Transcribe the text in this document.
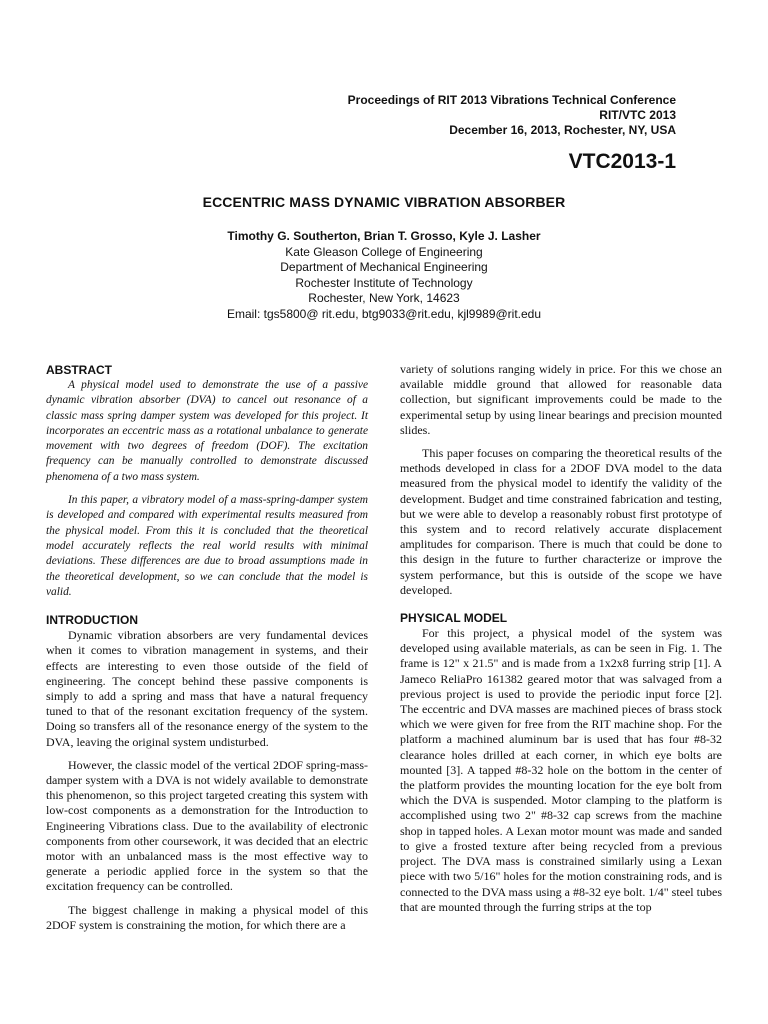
Proceedings of RIT 2013 Vibrations Technical Conference
RIT/VTC 2013
December 16, 2013, Rochester, NY, USA
VTC2013-1
ECCENTRIC MASS DYNAMIC VIBRATION ABSORBER
Timothy G. Southerton, Brian T. Grosso, Kyle J. Lasher
Kate Gleason College of Engineering
Department of Mechanical Engineering
Rochester Institute of Technology
Rochester, New York, 14623
Email: tgs5800@ rit.edu, btg9033@rit.edu, kjl9989@rit.edu
ABSTRACT

A physical model used to demonstrate the use of a passive dynamic vibration absorber (DVA) to cancel out resonance of a classic mass spring damper system was developed for this project. It incorporates an eccentric mass as a rotational unbalance to generate movement with two degrees of freedom (DOF). The excitation frequency can be manually controlled to demonstrate discussed phenomena of a two mass system.

In this paper, a vibratory model of a mass-spring-damper system is developed and compared with experimental results measured from the physical model. From this it is concluded that the theoretical model accurately reflects the real world results with minimal deviations. These differences are due to broad assumptions made in the theoretical development, so we can conclude that the model is valid.

INTRODUCTION

Dynamic vibration absorbers are very fundamental devices when it comes to vibration management in systems, and their effects are interesting to even those outside of the field of engineering. The concept behind these passive components is simply to add a spring and mass that have a natural frequency tuned to that of the resonant excitation frequency of the system. Doing so transfers all of the resonance energy of the system to the DVA, leaving the original system undisturbed.

However, the classic model of the vertical 2DOF spring-mass-damper system with a DVA is not widely available to demonstrate this phenomenon, so this project targeted creating this system with low-cost components as a demonstration for the Introduction to Engineering Vibrations class. Due to the availability of electronic components from other coursework, it was decided that an electric motor with an unbalanced mass is the most effective way to generate a periodic applied force in the system so that the excitation frequency can be controlled.

The biggest challenge in making a physical model of this 2DOF system is constraining the motion, for which there are a

variety of solutions ranging widely in price. For this we chose an available middle ground that allowed for reasonable data collection, but significant improvements could be made to the experimental setup by using linear bearings and precision mounted slides.

This paper focuses on comparing the theoretical results of the methods developed in class for a 2DOF DVA model to the data measured from the physical model to identify the validity of the development. Budget and time constrained fabrication and testing, but we were able to develop a reasonably robust first prototype of this system and to record relatively accurate displacement amplitudes for comparison. There is much that could be done to this design in the future to further characterize or improve the system performance, but this is outside of the scope we have developed.

PHYSICAL MODEL

For this project, a physical model of the system was developed using available materials, as can be seen in Fig. 1. The frame is 12" x 21.5" and is made from a 1x2x8 furring strip [1]. A Jameco ReliaPro 161382 geared motor that was salvaged from a previous project is used to provide the periodic input force [2]. The eccentric and DVA masses are machined pieces of brass stock which we were given for free from the RIT machine shop. For the platform a machined aluminum bar is used that has four #8-32 clearance holes drilled at each corner, in which eye bolts are mounted [3]. A tapped #8-32 hole on the bottom in the center of the platform provides the mounting location for the eye bolt from which the DVA is suspended. Motor clamping to the platform is accomplished using two 2" #8-32 cap screws from the machine shop in tapped holes. A Lexan motor mount was made and sanded to give a frosted texture after being recycled from a previous project. The DVA mass is constrained similarly using a Lexan piece with two 5/16" holes for the motion constraining rods, and is connected to the DVA mass using a #8-32 eye bolt. 1/4" steel tubes that are mounted through the furring strips at the top
